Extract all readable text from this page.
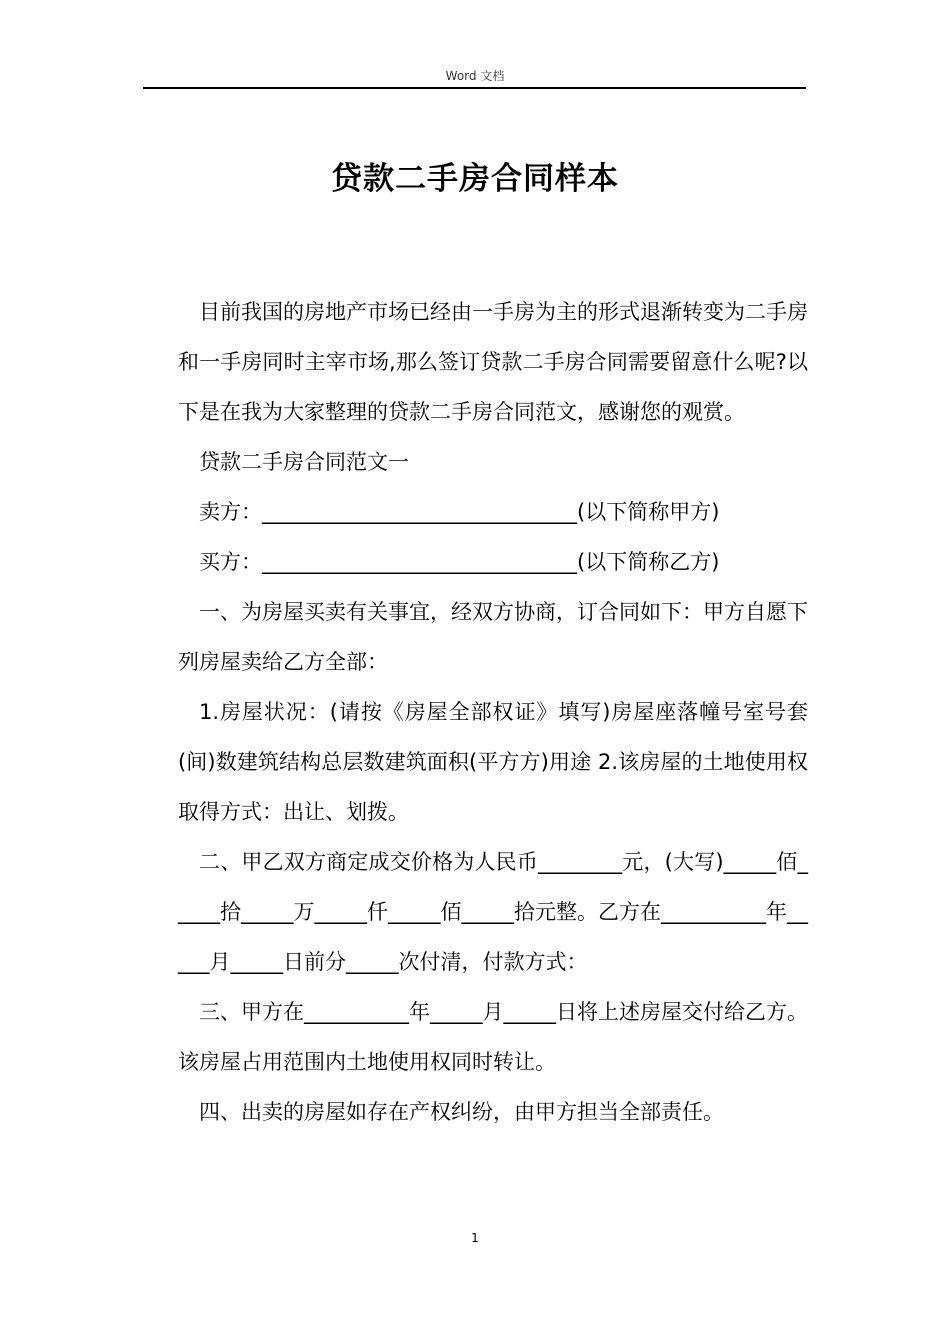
Word 文档
贷款二手房合同样本

目前我国的房地产市场已经由一手房为主的形式退渐转变为二手房和一手房同时主宰市场,那么签订贷款二手房合同需要留意什么呢?以下是在我为大家整理的贷款二手房合同范文，感谢您的观赏。

贷款二手房合同范文一

卖方：______________________________(以下简称甲方)

买方：______________________________(以下简称乙方)

一、为房屋买卖有关事宜，经双方协商，订合同如下：甲方自愿下列房屋卖给乙方全部：

1.房屋状况：(请按《房屋全部权证》填写)房屋座落幢号室号套(间)数建筑结构总层数建筑面积(平方方)用途 2.该房屋的土地使用权取得方式：出让、划拨。

二、甲乙双方商定成交价格为人民币________元，(大写)_____佰_____拾_____万_____仟_____佰_____拾元整。乙方在__________年_____月_____日前分_____次付清，付款方式：

三、甲方在__________年_____月_____日将上述房屋交付给乙方。该房屋占用范围内土地使用权同时转让。

四、出卖的房屋如存在产权纠纷，由甲方担当全部责任。

1
